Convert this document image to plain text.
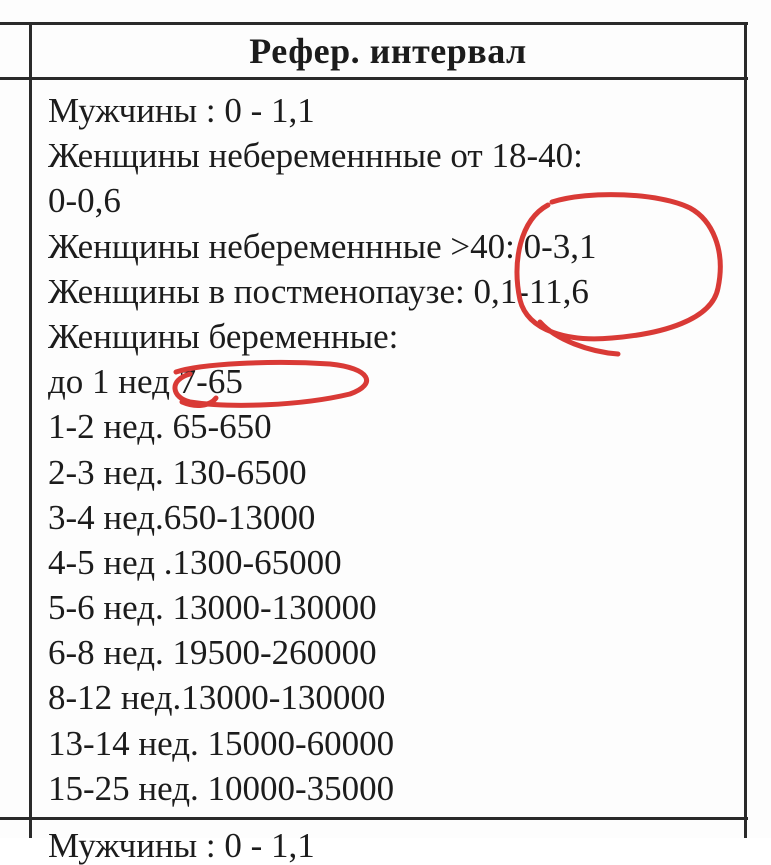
Рефер. интервал
Мужчины : 0 - 1,1
Женщины небеременнные от 18-40:
0-0,6
Женщины небеременнные >40: 0-3,1
Женщины в постменопаузе: 0,1-11,6
Женщины беременные:
до 1 нед 7-65
1-2 нед. 65-650
2-3 нед. 130-6500
3-4 нед.650-13000
4-5 нед .1300-65000
5-6 нед. 13000-130000
6-8 нед. 19500-260000
8-12 нед.13000-130000
13-14 нед. 15000-60000
15-25 нед. 10000-35000
Мужчины : 0 - 1,1
